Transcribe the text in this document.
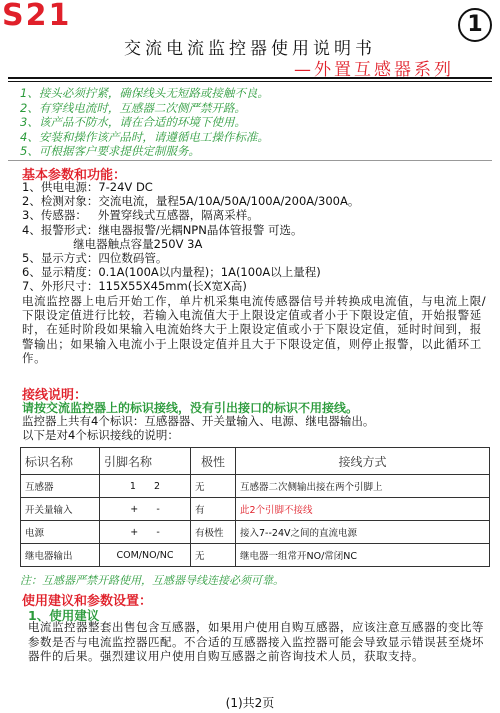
S21	1
交流电流监控器使用说明书
—外置互感器系列
1、接头必须拧紧，确保线头无短路或接触不良。
2、有穿线电流时，互感器二次侧严禁开路。
3、该产品不防水，请在合适的环境下使用。
4、安装和操作该产品时，请遵循电工操作标准。
5、可根据客户要求提供定制服务。
基本参数和功能：
1、供电电源：7-24V DC
2、检测对象：交流电流，量程5A/10A/50A/100A/200A/300A。
3、传感器：   外置穿线式互感器，隔离采样。
4、报警形式：继电器报警/光耦NPN晶体管报警 可选。
继电器触点容量250V 3A
5、显示方式：四位数码管。
6、显示精度：0.1A(100A以内量程)；1A(100A以上量程)
7、外形尺寸：115X55X45mm(长X宽X高)
电流监控器上电后开始工作，单片机采集电流传感器信号并转换成电流值，与电流上限/下限设定值进行比较，若输入电流值大于上限设定值或者小于下限设定值，开始报警延时，在延时阶段如果输入电流始终大于上限设定值或小于下限设定值，延时时间到，报警输出；如果输入电流小于上限设定值并且大于下限设定值，则停止报警，以此循环工作。
接线说明：
请按交流监控器上的标识接线，没有引出接口的标识不用接线。
监控器上共有4个标识：互感器器、开关量输入、电源、继电器输出。
以下是对4个标识接线的说明：
标识名称	引脚名称	极性	接线方式
互感器	1      2	无	互感器二次侧输出接在两个引脚上
开关量输入	+      -	有	此2个引脚不接线
电源	+      -	有极性	接入7--24V之间的直流电源
继电器输出	COM/NO/NC	无	继电器一组常开NO/常闭NC
注：互感器严禁开路使用，互感器导线连接必须可靠。
使用建议和参数设置：
1、使用建议
电流监控器整套出售包含互感器，如果用户使用自购互感器，应该注意互感器的变比等参数是否与电流监控器匹配。不合适的互感器接入监控器可能会导致显示错误甚至烧坏器件的后果。强烈建议用户使用自购互感器之前咨询技术人员，获取支持。
(1)共2页
